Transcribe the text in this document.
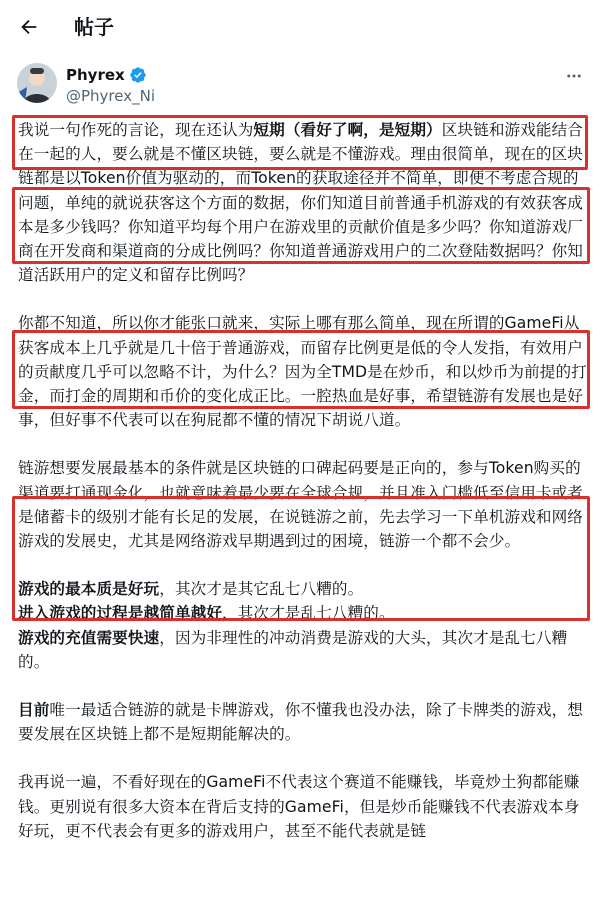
帖子
Phyrex
@Phyrex_Ni

我说一句作死的言论，现在还认为短期（看好了啊，是短期）区块链和游戏能结合在一起的人，要么就是不懂区块链，要么就是不懂游戏。理由很简单，现在的区块链都是以Token价值为驱动的，而Token的获取途径并不简单，即便不考虑合规的问题，单纯的就说获客这个方面的数据，你们知道目前普通手机游戏的有效获客成本是多少钱吗？你知道平均每个用户在游戏里的贡献价值是多少吗？你知道游戏厂商在开发商和渠道商的分成比例吗？你知道普通游戏用户的二次登陆数据吗？你知道活跃用户的定义和留存比例吗？

你都不知道，所以你才能张口就来，实际上哪有那么简单，现在所谓的GameFi从获客成本上几乎就是几十倍于普通游戏，而留存比例更是低的令人发指，有效用户的贡献度几乎可以忽略不计，为什么？因为全TMD是在炒币，和以炒币为前提的打金，而打金的周期和币价的变化成正比。一腔热血是好事，希望链游有发展也是好事，但好事不代表可以在狗屁都不懂的情况下胡说八道。

链游想要发展最基本的条件就是区块链的口碑起码要是正向的，参与Token购买的渠道要打通现金化，也就意味着最少要在全球合规，并且准入门槛低至信用卡或者是储蓄卡的级别才能有长足的发展，在说链游之前，先去学习一下单机游戏和网络游戏的发展史，尤其是网络游戏早期遇到过的困境，链游一个都不会少。

游戏的最本质是好玩，其次才是其它乱七八糟的。
进入游戏的过程是越简单越好，其次才是乱七八糟的。
游戏的充值需要快速，因为非理性的冲动消费是游戏的大头，其次才是乱七八糟的。

目前唯一最适合链游的就是卡牌游戏，你不懂我也没办法，除了卡牌类的游戏，想要发展在区块链上都不是短期能解决的。

我再说一遍，不看好现在的GameFi不代表这个赛道不能赚钱，毕竟炒土狗都能赚钱。更别说有很多大资本在背后支持的GameFi，但是炒币能赚钱不代表游戏本身好玩，更不代表会有更多的游戏用户，甚至不能代表就是链
